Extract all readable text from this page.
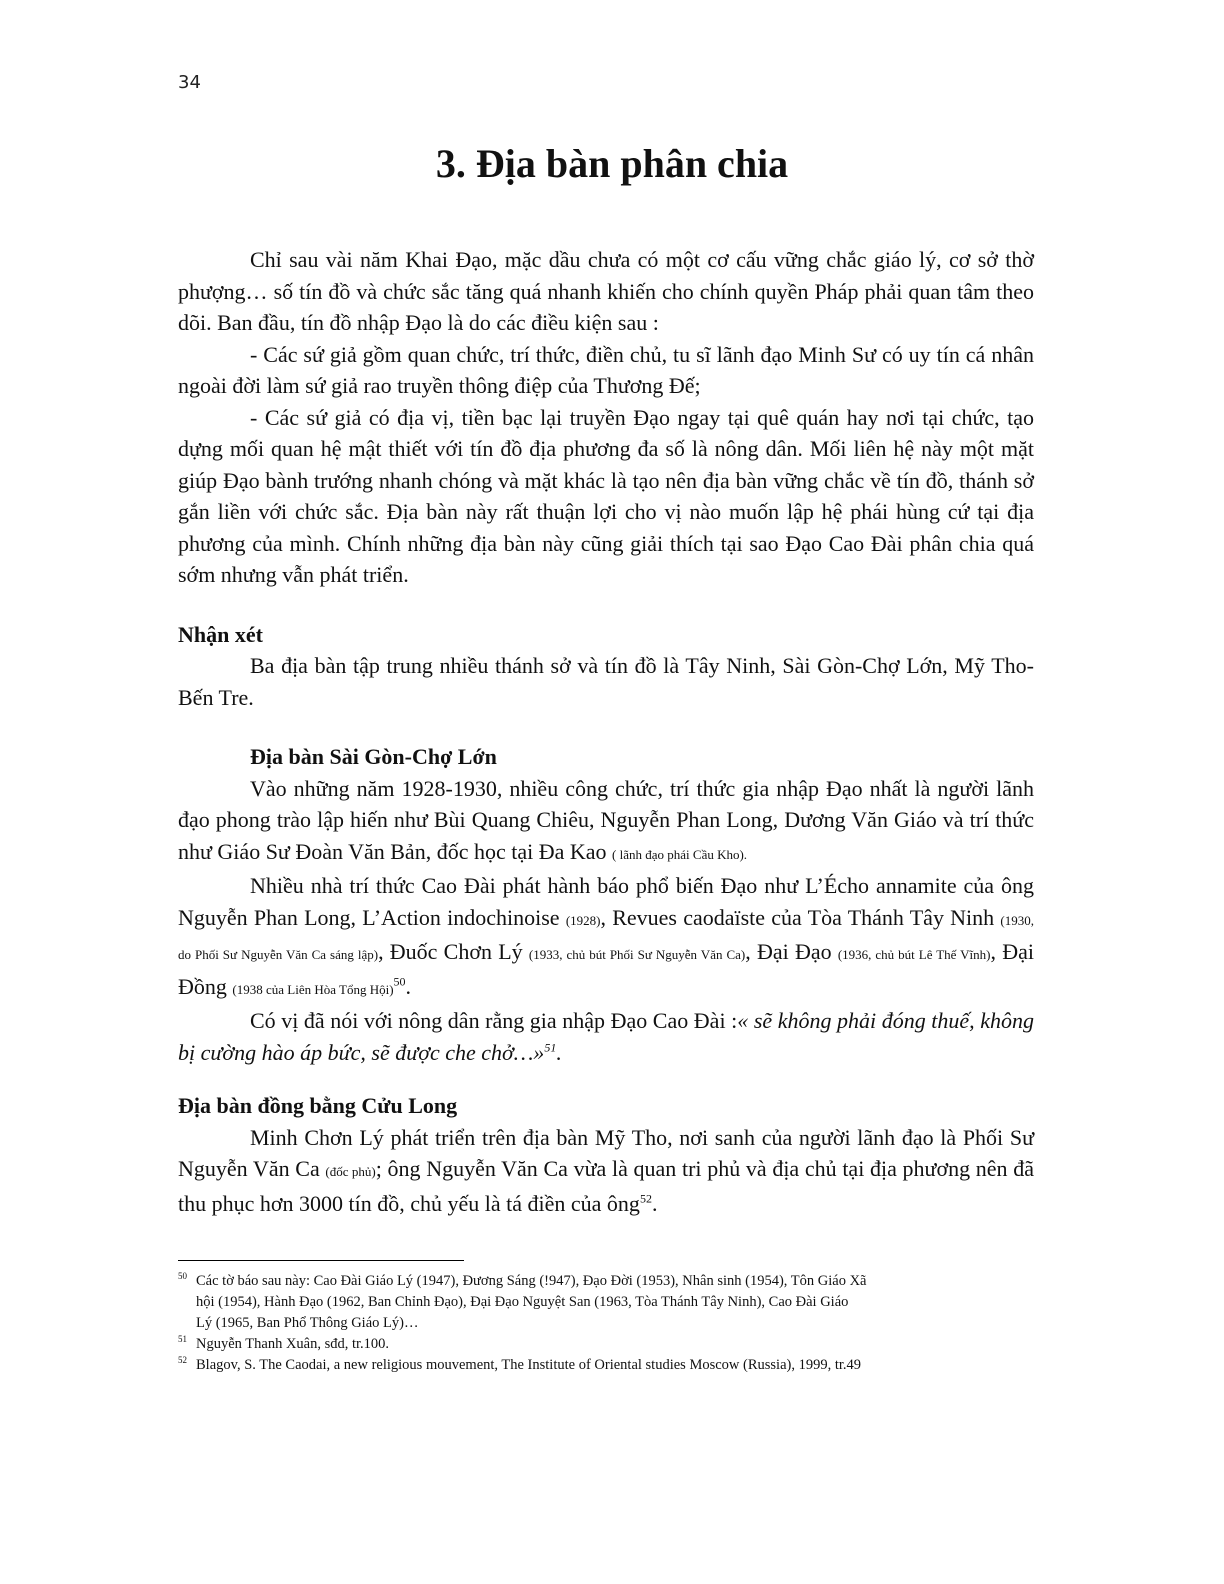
34
3. Địa bàn phân chia

Chỉ sau vài năm Khai Đạo, mặc dầu chưa có một cơ cấu vững chắc giáo lý, cơ sở thờ phượng… số tín đồ và chức sắc tăng quá nhanh khiến cho chính quyền Pháp phải quan tâm theo dõi. Ban đầu, tín đồ nhập Đạo là do các điều kiện sau :

- Các sứ giả gồm quan chức, trí thức, điền chủ, tu sĩ lãnh đạo Minh Sư có uy tín cá nhân ngoài đời làm sứ giả rao truyền thông điệp của Thương Đế;

- Các sứ giả có địa vị, tiền bạc lại truyền Đạo ngay tại quê quán hay nơi tại chức, tạo dựng mối quan hệ mật thiết với tín đồ địa phương đa số là nông dân. Mối liên hệ này một mặt giúp Đạo bành trướng nhanh chóng và mặt khác là tạo nên địa bàn vững chắc về tín đồ, thánh sở gắn liền với chức sắc. Địa bàn này rất thuận lợi cho vị nào muốn lập hệ phái hùng cứ tại địa phương của mình. Chính những địa bàn này cũng giải thích tại sao Đạo Cao Đài phân chia quá sớm nhưng vẫn phát triển.

Nhận xét

Ba địa bàn tập trung nhiều thánh sở và tín đồ là Tây Ninh, Sài Gòn-Chợ Lớn, Mỹ Tho-Bến Tre.

Địa bàn Sài Gòn-Chợ Lớn

Vào những năm 1928-1930, nhiều công chức, trí thức gia nhập Đạo nhất là người lãnh đạo phong trào lập hiến như Bùi Quang Chiêu, Nguyễn Phan Long, Dương Văn Giáo và trí thức như Giáo Sư Đoàn Văn Bản, đốc học tại Đa Kao ( lãnh đạo phái Cầu Kho).

Nhiều nhà trí thức Cao Đài phát hành báo phổ biến Đạo như L’Écho annamite của ông Nguyễn Phan Long, L’Action indochinoise (1928), Revues caodaïste của Tòa Thánh Tây Ninh (1930, do Phối Sư Nguyễn Văn Ca sáng lập), Đuốc Chơn Lý (1933, chủ bút Phối Sư Nguyễn Văn Ca), Đại Đạo (1936, chủ bút Lê Thế Vĩnh), Đại Đồng (1938 của Liên Hòa Tổng Hội)$^{50}$.

Có vị đã nói với nông dân rằng gia nhập Đạo Cao Đài :« sẽ không phải đóng thuế, không bị cường hào áp bức, sẽ được che chở…»$^{51}$.

Địa bàn đồng bằng Cửu Long

Minh Chơn Lý phát triển trên địa bàn Mỹ Tho, nơi sanh của người lãnh đạo là Phối Sư Nguyễn Văn Ca (đốc phủ); ông Nguyễn Văn Ca vừa là quan tri phủ và địa chủ tại địa phương nên đã thu phục hơn 3000 tín đồ, chủ yếu là tá điền của ông$^{52}$.

$^{50}$ Các tờ báo sau này: Cao Đài Giáo Lý (1947), Đương Sáng (!947), Đạo Đời (1953), Nhân sinh (1954), Tôn Giáo Xã hội (1954), Hành Đạo (1962, Ban Chỉnh Đạo), Đại Đạo Nguyệt San (1963, Tòa Thánh Tây Ninh), Cao Đài Giáo Lý (1965, Ban Phổ Thông Giáo Lý)…
$^{51}$ Nguyễn Thanh Xuân, sđd, tr.100.
$^{52}$ Blagov, S. The Caodai, a new religious mouvement, The Institute of Oriental studies Moscow (Russia), 1999, tr.49
